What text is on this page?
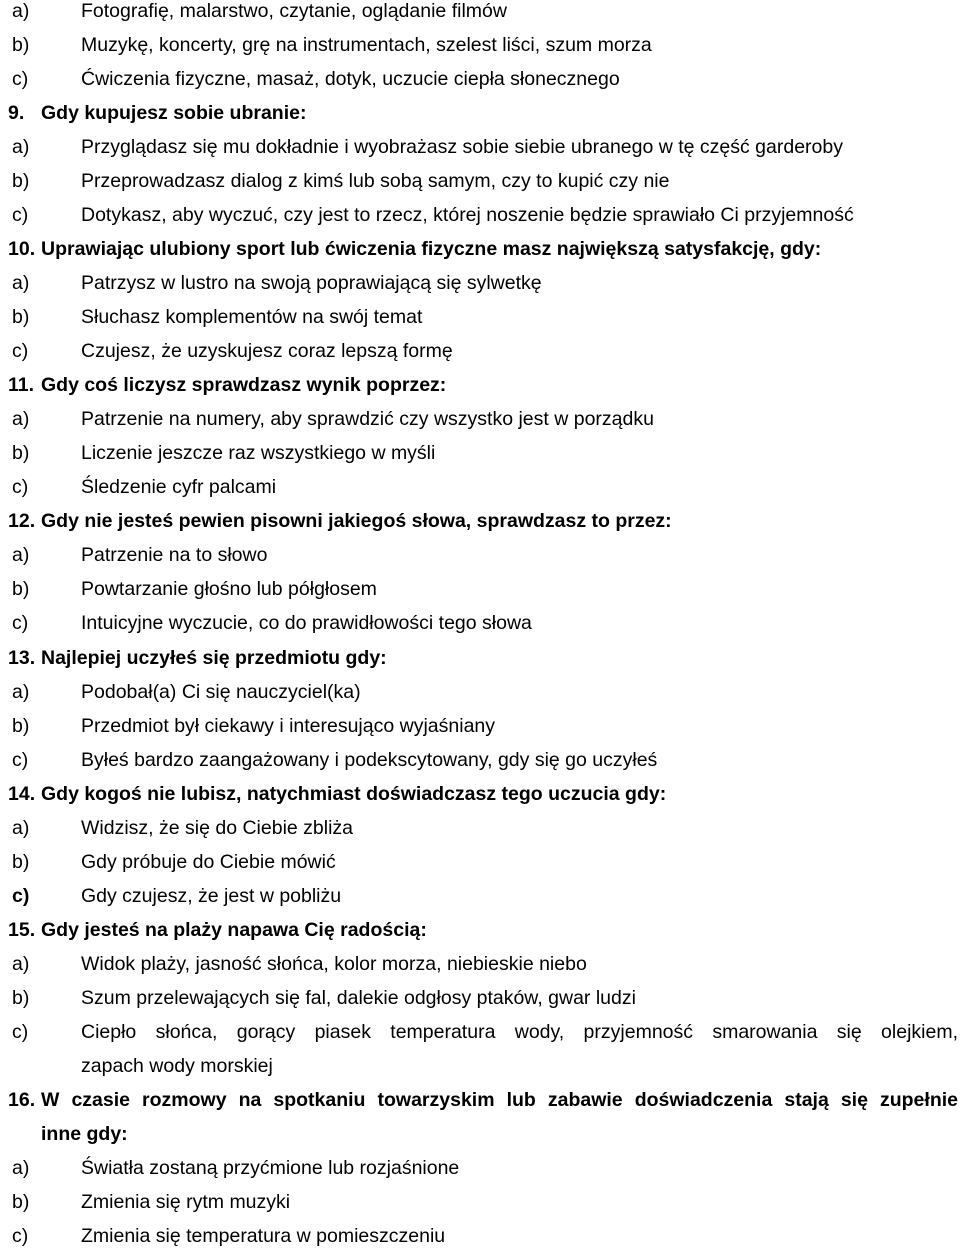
a)	Fotografię, malarstwo, czytanie, oglądanie filmów
b)	Muzykę, koncerty, grę na instrumentach, szelest liści, szum morza
c)	Ćwiczenia fizyczne, masaż, dotyk, uczucie ciepła słonecznego
9. Gdy kupujesz sobie ubranie:
a)	Przyglądasz się mu dokładnie i wyobrażasz sobie siebie ubranego w tę część garderoby
b)	Przeprowadzasz dialog z kimś lub sobą samym, czy to kupić czy nie
c)	Dotykasz, aby wyczuć, czy jest to rzecz, której noszenie będzie sprawiało Ci przyjemność
10. Uprawiając ulubiony sport lub ćwiczenia fizyczne masz największą satysfakcję, gdy:
a)	Patrzysz w lustro na swoją poprawiającą się sylwetkę
b)	Słuchasz komplementów na swój temat
c)	Czujesz, że uzyskujesz coraz lepszą formę
11. Gdy coś liczysz sprawdzasz wynik poprzez:
a)	Patrzenie na numery, aby sprawdzić czy wszystko jest w porządku
b)	Liczenie jeszcze raz wszystkiego w myśli
c)	Śledzenie cyfr palcami
12. Gdy nie jesteś pewien pisowni jakiegoś słowa, sprawdzasz to przez:
a)	Patrzenie na to słowo
b)	Powtarzanie głośno lub półgłosem
c)	Intuicyjne wyczucie, co do prawidłowości tego słowa
13. Najlepiej uczyłeś się przedmiotu gdy:
a)	Podobał(a) Ci się nauczyciel(ka)
b)	Przedmiot był ciekawy i interesująco wyjaśniany
c)	Byłeś bardzo zaangażowany i podekscytowany, gdy się go uczyłeś
14. Gdy kogoś nie lubisz, natychmiast doświadczasz tego uczucia gdy:
a)	Widzisz, że się do Ciebie zbliża
b)	Gdy próbuje do Ciebie mówić
c)	Gdy czujesz, że jest w pobliżu
15. Gdy jesteś na plaży napawa Cię radością:
a)	Widok plaży, jasność słońca, kolor morza, niebieskie niebo
b)	Szum przelewających się fal, dalekie odgłosy ptaków, gwar ludzi
c)	Ciepło słońca, gorący piasek temperatura wody, przyjemność smarowania się olejkiem,
zapach wody morskiej
16. W czasie rozmowy na spotkaniu towarzyskim lub zabawie doświadczenia stają się zupełnie
inne gdy:
a)	Światła zostaną przyćmione lub rozjaśnione
b)	Zmienia się rytm muzyki
c)	Zmienia się temperatura w pomieszczeniu
